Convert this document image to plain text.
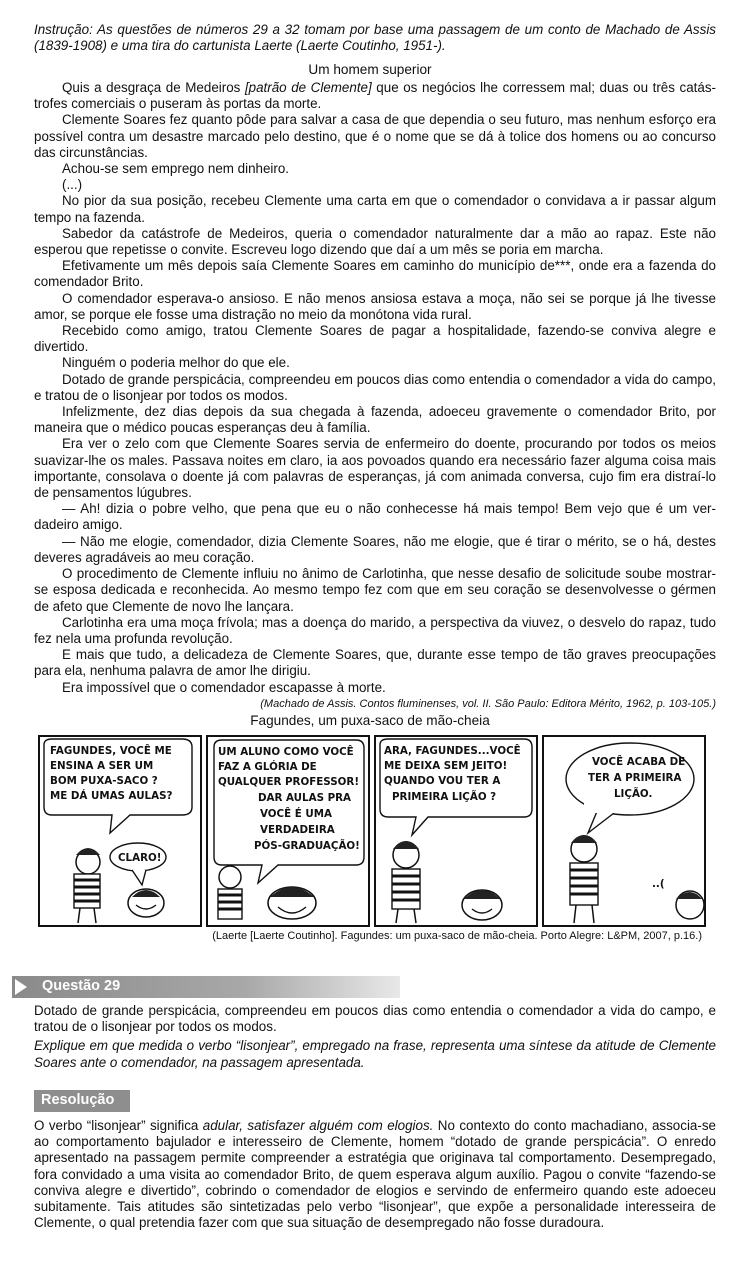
Instrução: As questões de números 29 a 32 tomam por base uma passagem de um conto de Machado de Assis (1839-1908) e uma tira do cartunista Laerte (Laerte Coutinho, 1951-).
Um homem superior

Quis a desgraça de Medeiros [patrão de Clemente] que os negócios lhe corressem mal; duas ou três catástrofes comerciais o puseram às portas da morte.

Clemente Soares fez quanto pôde para salvar a casa de que dependia o seu futuro, mas nenhum esforço era possível contra um desastre marcado pelo destino, que é o nome que se dá à tolice dos homens ou ao concurso das circunstâncias.

Achou-se sem emprego nem dinheiro.

(...)

No pior da sua posição, recebeu Clemente uma carta em que o comendador o convidava a ir passar algum tempo na fazenda.

Sabedor da catástrofe de Medeiros, queria o comendador naturalmente dar a mão ao rapaz. Este não esperou que repetisse o convite. Escreveu logo dizendo que daí a um mês se poria em marcha.

Efetivamente um mês depois saía Clemente Soares em caminho do município de***, onde era a fazenda do comendador Brito.

O comendador esperava-o ansioso. E não menos ansiosa estava a moça, não sei se porque já lhe tivesse amor, se porque ele fosse uma distração no meio da monótona vida rural.

Recebido como amigo, tratou Clemente Soares de pagar a hospitalidade, fazendo-se conviva alegre e divertido.

Ninguém o poderia melhor do que ele.

Dotado de grande perspicácia, compreendeu em poucos dias como entendia o comendador a vida do campo, e tratou de o lisonjear por todos os modos.

Infelizmente, dez dias depois da sua chegada à fazenda, adoeceu gravemente o comendador Brito, por maneira que o médico poucas esperanças deu à família.

Era ver o zelo com que Clemente Soares servia de enfermeiro do doente, procurando por todos os meios suavizar-lhe os males. Passava noites em claro, ia aos povoados quando era necessário fazer alguma coisa mais importante, consolava o doente já com palavras de esperanças, já com animada conversa, cujo fim era distraí-lo de pensamentos lúgubres.

— Ah! dizia o pobre velho, que pena que eu o não conhecesse há mais tempo! Bem vejo que é um verdadeiro amigo.

— Não me elogie, comendador, dizia Clemente Soares, não me elogie, que é tirar o mérito, se o há, destes deveres agradáveis ao meu coração.

O procedimento de Clemente influiu no ânimo de Carlotinha, que nesse desafio de solicitude soube mostrar-se esposa dedicada e reconhecida. Ao mesmo tempo fez com que em seu coração se desenvolvesse o gérmen de afeto que Clemente de novo lhe lançara.

Carlotinha era uma moça frívola; mas a doença do marido, a perspectiva da viuvez, o desvelo do rapaz, tudo fez nela uma profunda revolução.

E mais que tudo, a delicadeza de Clemente Soares, que, durante esse tempo de tão graves preocupações para ela, nenhuma palavra de amor lhe dirigiu.

Era impossível que o comendador escapasse à morte.

(Machado de Assis. Contos fluminenses, vol. II. São Paulo: Editora Mérito, 1962, p. 103-105.)

Fagundes, um puxa-saco de mão-cheia
FAGUNDES, VOCÊ ME
ENSINA A SER UM
BOM PUXA-SACO ?
ME DÁ UMAS AULAS?
CLARO!
UM ALUNO COMO VOCÊ
FAZ A GLÓRIA DE
QUALQUER PROFESSOR!
DAR AULAS PRA
VOCÊ É UMA
VERDADEIRA
PÓS-GRADUAÇÃO!
ARA, FAGUNDES...VOCÊ
ME DEIXA SEM JEITO!
QUANDO VOU TER A
PRIMEIRA LIÇÃO ?
VOCÊ ACABA DE
TER A PRIMEIRA
LIÇÃO.
..(
(Laerte [Laerte Coutinho]. Fagundes: um puxa-saco de mão-cheia. Porto Alegre: L&PM, 2007, p.16.)
Questão 29

Dotado de grande perspicácia, compreendeu em poucos dias como entendia o comendador a vida do campo, e tratou de o lisonjear por todos os modos.

Explique em que medida o verbo “lisonjear”, empregado na frase, representa uma síntese da atitude de Clemente Soares ante o comendador, na passagem apresentada.

Resolução

O verbo “lisonjear” significa adular, satisfazer alguém com elogios. No contexto do conto machadiano, associa-se ao comportamento bajulador e interesseiro de Clemente, homem “dotado de grande perspicácia”. O enredo apresentado na passagem permite compreender a estratégia que originava tal comportamento. Desempregado, fora convidado a uma visita ao comendador Brito, de quem esperava algum auxílio. Pagou o convite “fazendo-se conviva alegre e divertido”, cobrindo o comendador de elogios e servindo de enfermeiro quando este adoeceu subitamente. Tais atitudes são sintetizadas pelo verbo “lisonjear”, que expõe a personalidade interesseira de Clemente, o qual pretendia fazer com que sua situação de desempregado não fosse duradoura.
